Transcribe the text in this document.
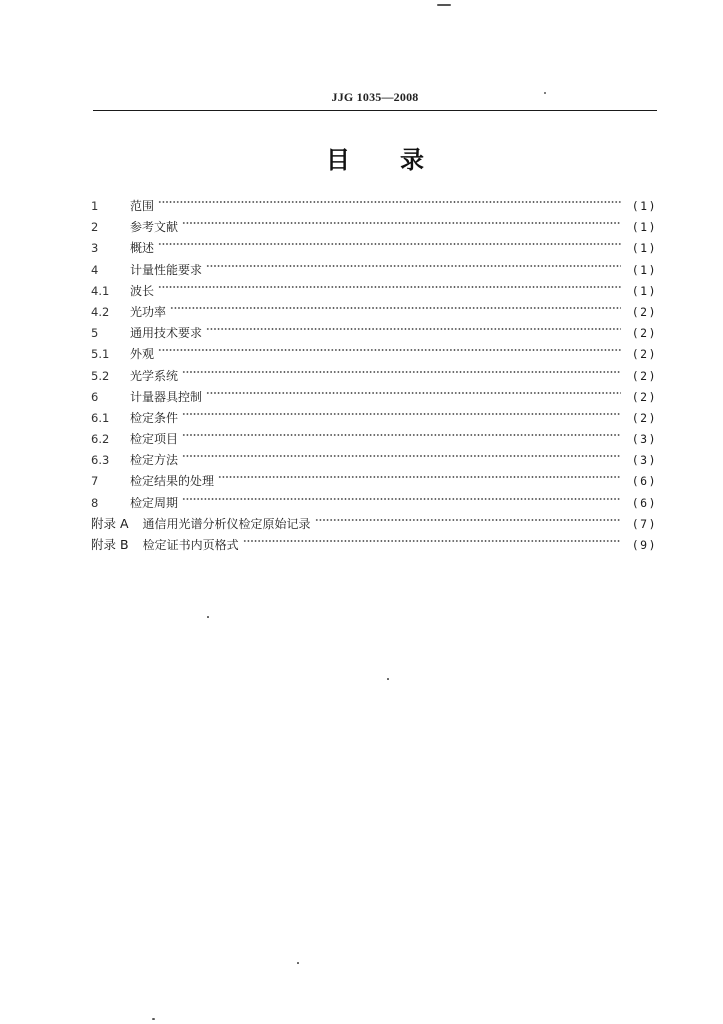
JJG 1035—2008
目 录
1	范围	(1)
2	参考文献	(1)
3	概述	(1)
4	计量性能要求	(1)
4.1	波长	(1)
4.2	光功率	(2)
5	通用技术要求	(2)
5.1	外观	(2)
5.2	光学系统	(2)
6	计量器具控制	(2)
6.1	检定条件	(2)
6.2	检定项目	(3)
6.3	检定方法	(3)
7	检定结果的处理	(6)
8	检定周期	(6)
附录 A	通信用光谱分析仪检定原始记录	(7)
附录 B	检定证书内页格式	(9)
